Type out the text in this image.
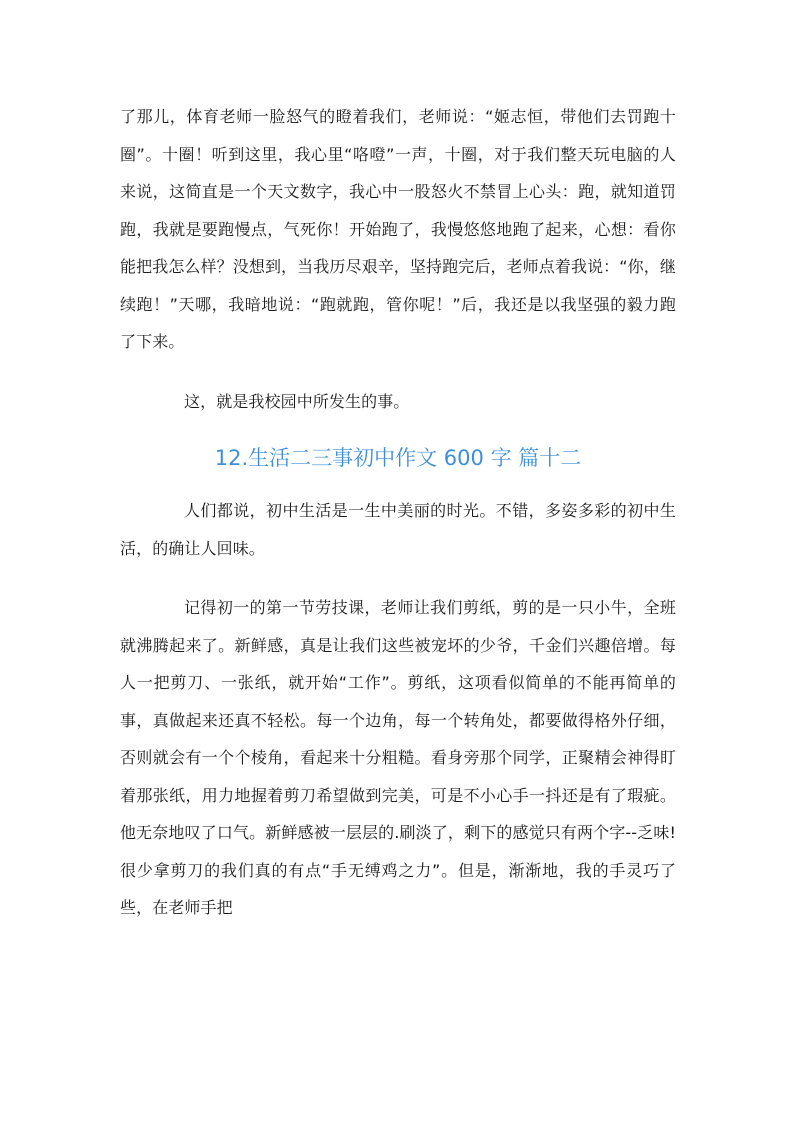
了那儿，体育老师一脸怒气的瞪着我们，老师说：“姬志恒，带他们去罚跑十圈”。十圈！听到这里，我心里“咯噔”一声，十圈，对于我们整天玩电脑的人来说，这简直是一个天文数字，我心中一股怒火不禁冒上心头：跑，就知道罚跑，我就是要跑慢点，气死你！开始跑了，我慢悠悠地跑了起来，心想：看你能把我怎么样？没想到，当我历尽艰辛，坚持跑完后，老师点着我说：“你，继续跑！”天哪，我暗地说：“跑就跑，管你呢！”后，我还是以我坚强的毅力跑了下来。

这，就是我校园中所发生的事。

12.生活二三事初中作文 600 字 篇十二

人们都说，初中生活是一生中美丽的时光。不错，多姿多彩的初中生活，的确让人回味。

记得初一的第一节劳技课，老师让我们剪纸，剪的是一只小牛，全班就沸腾起来了。新鲜感，真是让我们这些被宠坏的少爷，千金们兴趣倍增。每人一把剪刀、一张纸，就开始“工作”。剪纸，这项看似简单的不能再简单的事，真做起来还真不轻松。每一个边角，每一个转角处，都要做得格外仔细，否则就会有一个个棱角，看起来十分粗糙。看身旁那个同学，正聚精会神得盯着那张纸，用力地握着剪刀希望做到完美，可是不小心手一抖还是有了瑕疵。他无奈地叹了口气。新鲜感被一层层的.刷淡了，剩下的感觉只有两个字--乏味!很少拿剪刀的我们真的有点“手无缚鸡之力”。但是，渐渐地，我的手灵巧了些，在老师手把
